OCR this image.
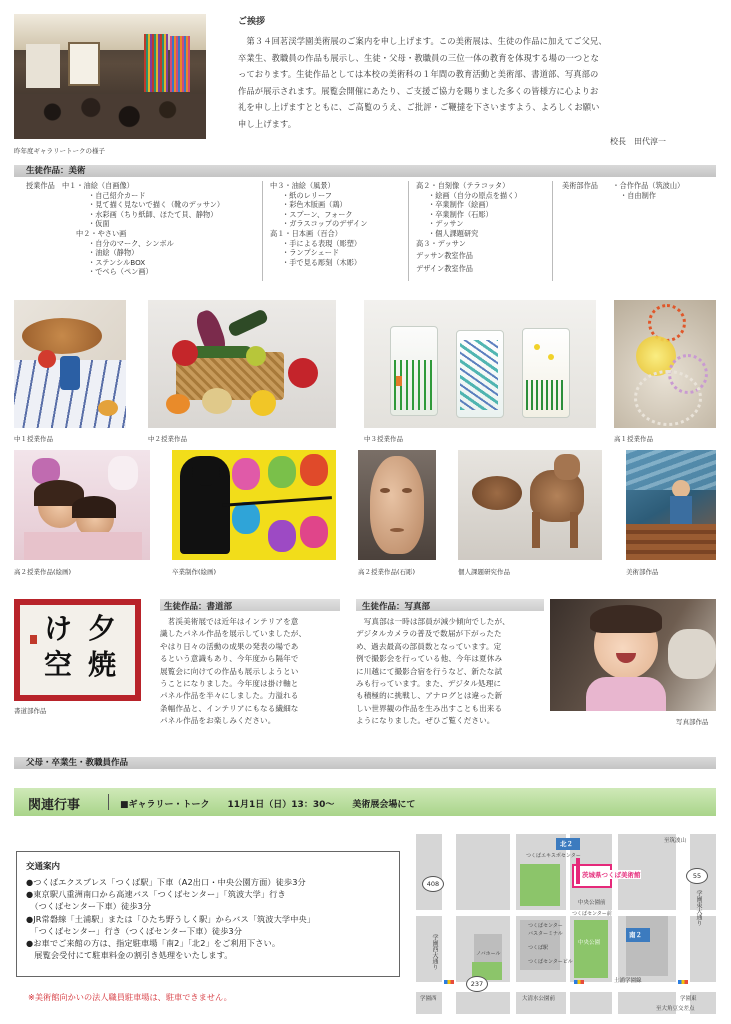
昨年度ギャラリートークの様子
ご挨拶

　第３４回茗渓学園美術展のご案内を申し上げます。この美術展は、生徒の作品に加えてご父兄、

卒業生、教職員の作品も展示し、生徒・父母・教職員の三位一体の教育を体現する場の一つとな

っております。生徒作品としては本校の美術科の１年間の教育活動と美術部、書道部、写真部の

作品が展示されます。展覧会開催にあたり、ご支援ご協力を賜りました多くの皆様方に心よりお

礼を申し上げますとともに、ご高覧のうえ、ご批評・ご鞭撻を下さいますよう、よろしくお願い

申し上げます。

校長　田代淳一
生徒作品：美術
授業作品　 中１・油絵（自画像）
・自己紹介カード
・見て描く見ないで描く（靴のデッサン）
・水彩画（ちり紙師、ほたて貝、静物）
・仮面
中２・やさい画
・自分のマーク、シンボル
・油絵（静物）
・ステンシルBOX
・でべら（ペン画）
中３・油絵（風景）
・紙のレリーフ
・彩色木版画（鶏）
・スプーン、フォーク
・ガラスコップのデザイン
高１・日本画（百合）
・手による表現（彫塑）
・ランプシェード
・手で見る彫刻（木彫）
高２・自刻像（テラコッタ）
・絵画（自分の原点を描く）
・卒業制作（絵画）
・卒業制作（石彫）
・デッサン
・個人課題研究
高３・デッサン
デッサン教室作品
デザイン教室作品
美術部作品　　 ・合作作品（筑波山）
・自由制作
中１授業作品	中２授業作品	中３授業作品	高１授業作品
高２授業作品(絵画)	卒業制作(絵画)	高２授業作品(石彫)	個人課題研究作品	美術部作品
夕焼
け空
書道部作品
生徒作品：書道部
　茗渓美術展では近年はインテリアを意
識したパネル作品を展示していましたが、
やはり日々の活動の成果の発表の場であ
るという意識もあり、今年度から隔年で
展覧会に向けての作品も展示しようとい
うことになりました。今年度は掛け軸と
パネル作品を半々にしました。力溢れる
条幅作品と、インテリアにもなる繊細な
パネル作品をお楽しみください。
生徒作品：写真部
　写真部は一時は部員が減少傾向でしたが、
デジタルカメラの普及で数届が下がったた
め、過去最高の部員数となっています。定
例で撮影会を行っている他、今年は夏休み
に川越にて撮影合宿を行うなど、新たな試
みも行っています。また、デジタル処理に
も積極的に挑戦し、アナログとは違った新
しい世界観の作品を生み出すことも出来る
ようになりました。ぜひご覧ください。	写真部作品
父母・卒業生・教職員作品
関連行事	■ギャラリー・トーク　　11月1日（日）13：30～　　美術展会場にて
交通案内
●つくばエクスプレス「つくば駅」下車（A2出口・中央公園方面）徒歩3分
●東京駅八重洲南口から高速バス「つくばセンター」「筑波大学」行き
　（つくばセンター下車）徒歩3分
●JR常磐線「土浦駅」または「ひたち野うしく駅」からバス「筑波大学中央」
　「つくばセンター」行き（つくばセンター下車）徒歩3分
●お車でご来館の方は、指定駐車場「南2」「北2」をご利用下さい。
　展覧会受付にて駐車料金の割引き処理をいたします。
※美術館向かいの法人職員駐車場は、駐車できません。
北２
南２
茨城県つくば美術館
中央公園
中央公園前
大清水公園前
土浦学園線
学園西大通り
学園東大通り
学園西	学園東
至筑波山
至大角豆交差点
つくばセンター
バスターミナル
つくば駅
つくばセンタービル
つくばエキスポセンター
ノバホール
つくばセンター前
408
55
237
